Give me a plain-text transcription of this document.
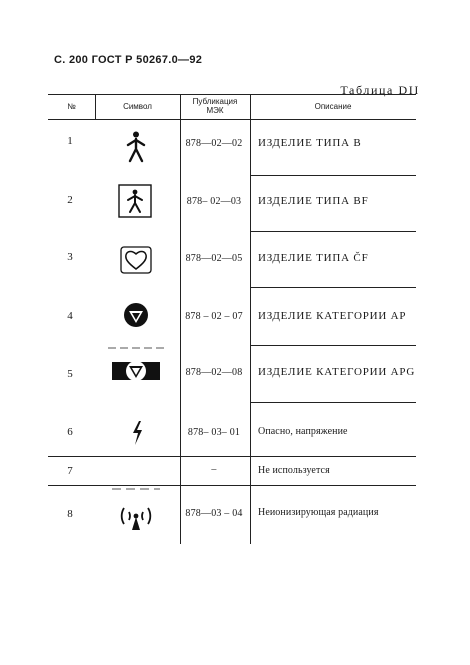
С. 200 ГОСТ Р 50267.0—92
Таблица DII
№	Символ
Публикация
МЭК	Описание
1	878—02—02 ИЗДЕЛИЕ ТИПА В
2	878– 02—03	ИЗДЕЛИЕ ТИПА BF
3	878—02—05 ИЗДЕЛИЕ ТИПА ČF
4	878 – 02 – 07 ИЗДЕЛИЕ КАТЕГОРИИ AP
5	878—02—08 ИЗДЕЛИЕ КАТЕГОРИИ APG
6	878– 03– 01	Опасно, напряжение
7	–	Не используется
8	878—03 – 04 Неионизирующая радиация
